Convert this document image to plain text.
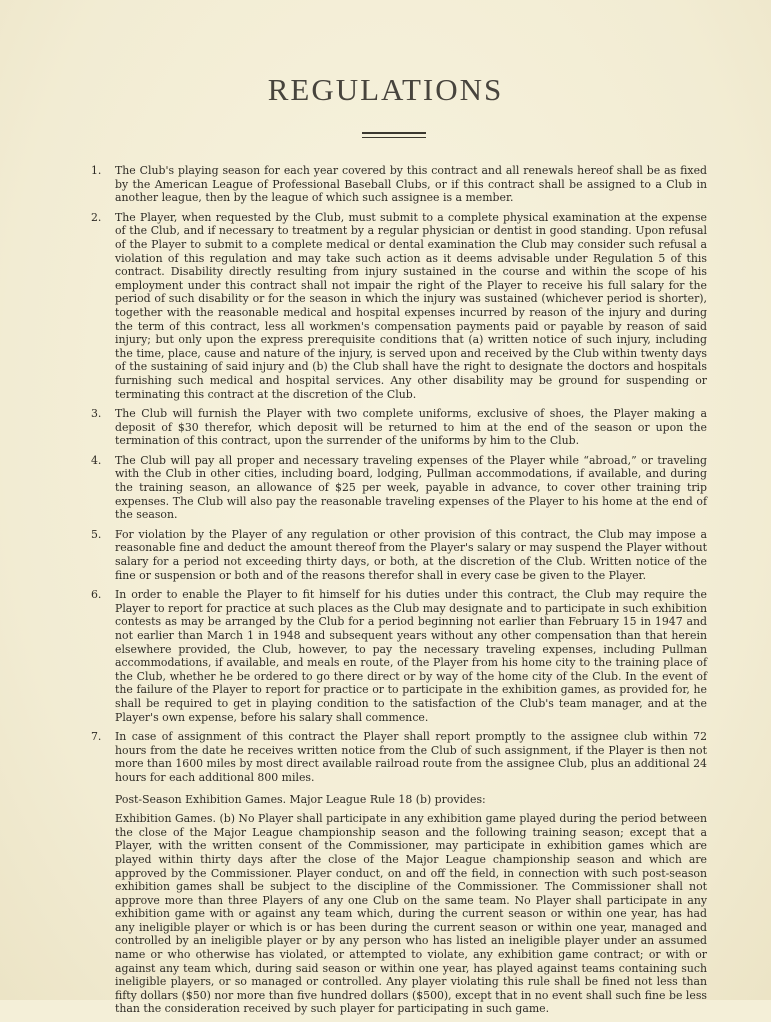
REGULATIONS
1.	The Club's playing season for each year covered by this contract and all renewals hereof shall be as fixed by the American League of Professional Baseball Clubs, or if this contract shall be assigned to a Club in another league, then by the league of which such assignee is a member.
2.	The Player, when requested by the Club, must submit to a complete physical examination at the expense of the Club, and if necessary to treatment by a regular physician or dentist in good standing. Upon refusal of the Player to submit to a complete medical or dental examination the Club may consider such refusal a violation of this regulation and may take such action as it deems advisable under Regulation 5 of this contract. Disability directly resulting from injury sustained in the course and within the scope of his employment under this contract shall not impair the right of the Player to receive his full salary for the period of such disability or for the season in which the injury was sustained (whichever period is shorter), together with the reasonable medical and hospital expenses incurred by reason of the injury and during the term of this contract, less all workmen's compensation payments paid or payable by reason of said injury; but only upon the express prerequisite conditions that (a) written notice of such injury, including the time, place, cause and nature of the injury, is served upon and received by the Club within twenty days of the sustaining of said injury and (b) the Club shall have the right to designate the doctors and hospitals furnishing such medical and hospital services. Any other disability may be ground for suspending or terminating this contract at the discretion of the Club.
3.	The Club will furnish the Player with two complete uniforms, exclusive of shoes, the Player making a deposit of $30 therefor, which deposit will be returned to him at the end of the season or upon the termination of this contract, upon the surrender of the uniforms by him to the Club.
4.	The Club will pay all proper and necessary traveling expenses of the Player while “abroad,” or traveling with the Club in other cities, including board, lodging, Pullman accommodations, if available, and during the training season, an allowance of $25 per week, payable in advance, to cover other training trip expenses. The Club will also pay the reasonable traveling expenses of the Player to his home at the end of the season.
5.	For violation by the Player of any regulation or other provision of this contract, the Club may impose a reasonable fine and deduct the amount thereof from the Player's salary or may suspend the Player without salary for a period not exceeding thirty days, or both, at the discretion of the Club. Written notice of the fine or suspension or both and of the reasons therefor shall in every case be given to the Player.
6.	In order to enable the Player to fit himself for his duties under this contract, the Club may require the Player to report for practice at such places as the Club may designate and to participate in such exhibition contests as may be arranged by the Club for a period beginning not earlier than February 15 in 1947 and not earlier than March 1 in 1948 and subsequent years without any other compensation than that herein elsewhere provided, the Club, however, to pay the necessary traveling expenses, including Pullman accommodations, if available, and meals en route, of the Player from his home city to the training place of the Club, whether he be ordered to go there direct or by way of the home city of the Club. In the event of the failure of the Player to report for practice or to participate in the exhibition games, as provided for, he shall be required to get in playing condition to the satisfaction of the Club's team manager, and at the Player's own expense, before his salary shall commence.
7.	In case of assignment of this contract the Player shall report promptly to the assignee club within 72 hours from the date he receives written notice from the Club of such assignment, if the Player is then not more than 1600 miles by most direct available railroad route from the assignee Club, plus an additional 24 hours for each additional 800 miles.

Post-Season Exhibition Games. Major League Rule 18 (b) provides:

Exhibition Games. (b) No Player shall participate in any exhibition game played during the period between the close of the Major League championship season and the following training season; except that a Player, with the written consent of the Commissioner, may participate in exhibition games which are played within thirty days after the close of the Major League championship season and which are approved by the Commissioner. Player conduct, on and off the field, in connection with such post-season exhibition games shall be subject to the discipline of the Commissioner. The Commissioner shall not approve more than three Players of any one Club on the same team. No Player shall participate in any exhibition game with or against any team which, during the current season or within one year, has had any ineligible player or which is or has been during the current season or within one year, managed and controlled by an ineligible player or by any person who has listed an ineligible player under an assumed name or who otherwise has violated, or attempted to violate, any exhibition game contract; or with or against any team which, during said season or within one year, has played against teams containing such ineligible players, or so managed or controlled. Any player violating this rule shall be fined not less than fifty dollars ($50) nor more than five hundred dollars ($500), except that in no event shall such fine be less than the consideration received by such player for participating in such game.
